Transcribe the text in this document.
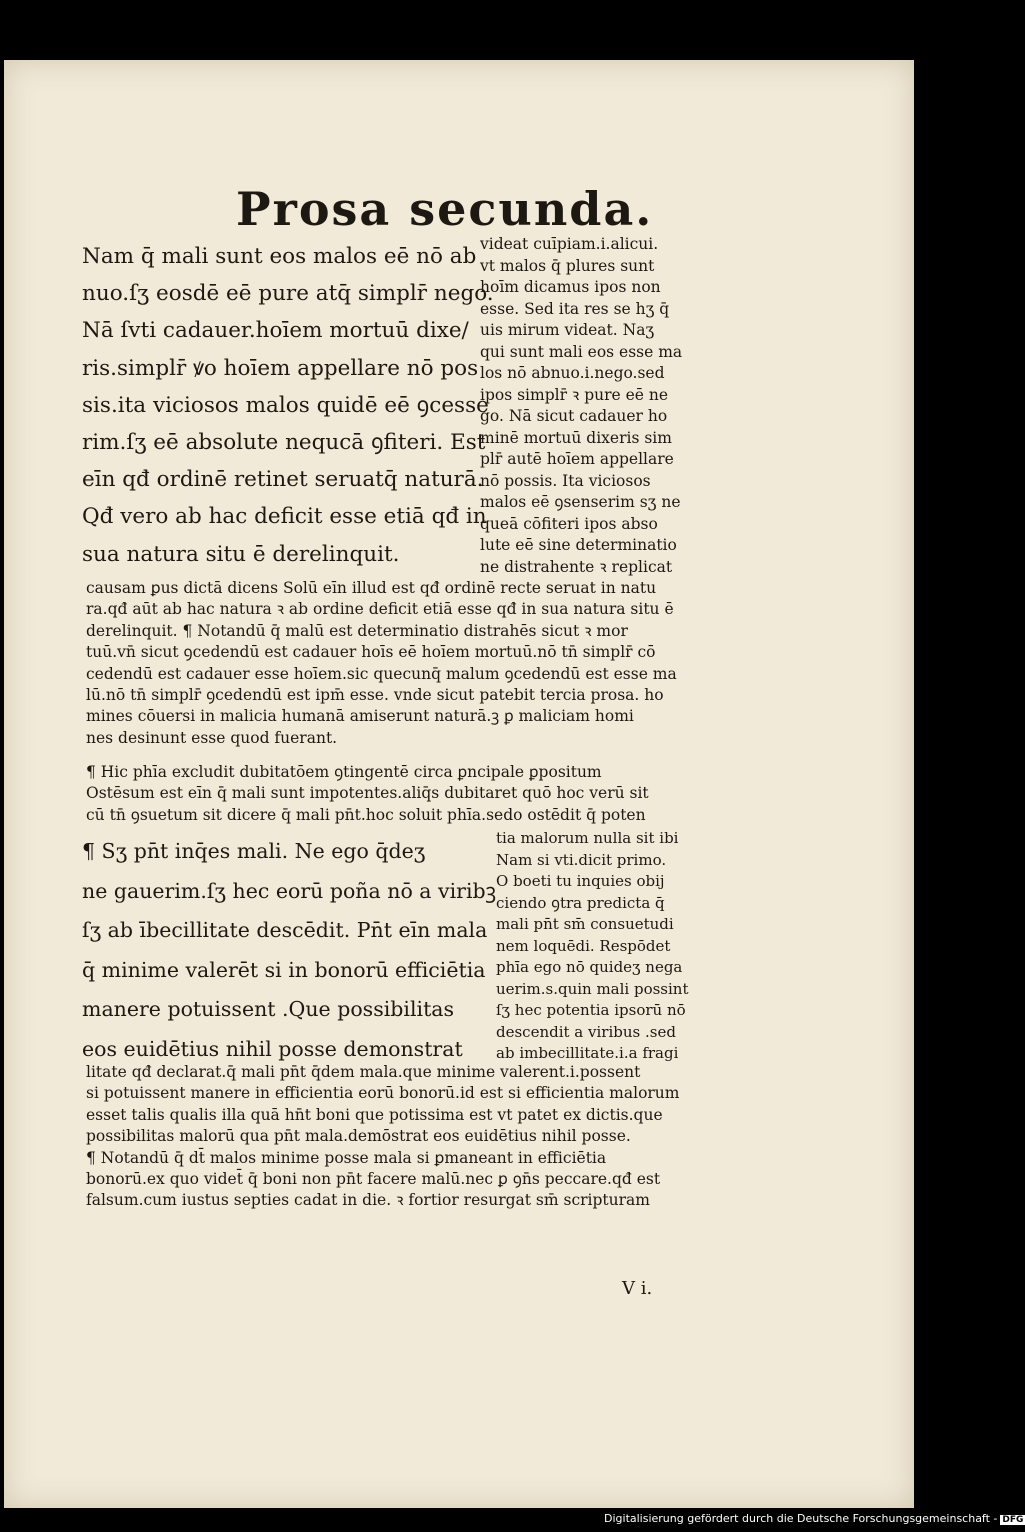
Prosa secunda.

Nam q̄ mali sunt eos malos eē nō ab

nuo.ſʒ eosdē eē pure atq̄ simplr̄ nego.

Nā ſvti cadauer.hoīem mortuū dixe/

ris.simplr̄ ꝟo hoīem appellare nō pos

sis.ita viciosos malos quidē eē ꝯcesse

rim.ſʒ eē absolute nequcā ꝯfiteri. Est

eīn qđ ordinē retinet seruatq̄ naturā.

Qđ vero ab hac deficit esse etiā qđ in

sua natura situ ē derelinquit.

videat cuīpiam.i.alicui.

vt malos q̄ plures sunt

hoīm dicamus ipos non

esse. Sed ita res se hʒ q̄

uis mirum videat. Naʒ

qui sunt mali eos esse ma

los nō abnuo.i.nego.sed

ipos simplr̄ ꝛ pure eē ne

go. Nā sicut cadauer ho

minē mortuū dixeris sim

plr̄ autē hoīem appellare

nō possis. Ita viciosos

malos eē ꝯsenserim sʒ ne

queā cōfiteri ipos abso

lute eē sine determinatio

ne distrahente ꝛ replicat

causam ꝑus dictā dicens Solū eīn illud est qđ ordinē recte seruat in natu

ra.qđ aūt ab hac natura ꝛ ab ordine deficit etiā esse qđ in sua natura situ ē

derelinquit. ¶ Notandū q̄ malū est determinatio distrahēs sicut ꝛ mor

tuū.vn̄ sicut ꝯcedendū est cadauer hoīs eē hoīem mortuū.nō tn̄ simplr̄ cō

cedendū est cadauer esse hoīem.sic quecunq̄ malum ꝯcedendū est esse ma

lū.nō tn̄ simplr̄ ꝯcedendū est ipm̄ esse. vnde sicut patebit tercia prosa. ho

mines cōuersi in malicia humanā amiserunt naturā.ꝫ ꝑ maliciam homi

nes desinunt esse quod fuerant.

¶ Hic phīa excludit dubitatōem ꝯtingentē circa ꝑncipale ꝑpositum

Ostēsum est eīn q̄ mali sunt impotentes.aliq̄s dubitaret quō hoc verū sit

cū tn̄ ꝯsuetum sit dicere q̄ mali pn̄t.hoc soluit phīa.sedo ostēdit q̄ poten

¶ Sʒ pn̄t inq̄es mali. Ne ego q̄deʒ

ne gauerim.ſʒ hec eorū poña nō a viribꝫ

ſʒ ab ībecillitate descēdit. Pn̄t eīn mala

q̄ minime valerēt si in bonorū efficiētia

manere potuissent .Que possibilitas

eos euidētius nihil posse demonstrat

tia malorum nulla sit ibi

Nam si vti.dicit primo.

O boeti tu inquies obij

ciendo ꝯtra predicta q̄

mali pn̄t sm̄ consuetudi

nem loquēdi. Respōdet

phīa ego nō quideʒ nega

uerim.s.quin mali possint

ſʒ hec potentia ipsorū nō

descendit a viribus .sed

ab imbecillitate.i.a fragi

litate qđ declarat.q̄ mali pn̄t q̄dem mala.que minime valerent.i.possent

si potuissent manere in efficientia eorū bonorū.id est si efficientia malorum

esset talis qualis illa quā hn̄t boni que potissima est vt patet ex dictis.que

possibilitas malorū qua pn̄t mala.demōstrat eos euidētius nihil posse.

¶ Notandū q̄ dt̄ malos minime posse mala si ꝑmaneant in efficiētia

bonorū.ex quo videt̄ q̄ boni non pn̄t facere malū.nec ꝑ ꝯn̄s peccare.qđ est

falsum.cum iustus septies cadat in die. ꝛ fortior resurgat sm̄ scripturam

V i.
Digitalisierung gefördert durch die Deutsche Forschungsgemeinschaft - DFG
